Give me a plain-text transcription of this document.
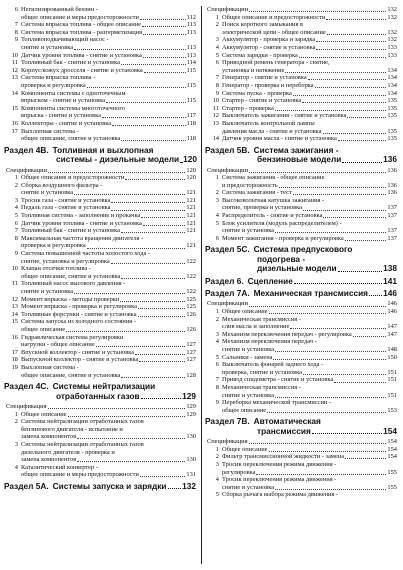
6 Негилизированный бензин -
общее описание и меры предосторожности	112
7 Система впрыска топлива - общее описание	113
8 Система впрыска топлива - разгерметизация	113
9 Топливоподкачивающий насос -
снятие и установка	113
10 Датчик уровня топлива - снятие и установка	113
11 Топливный бак - снятие и установка	114
12 Корпус/кожух дросселя - снятие и установка	115
13 Система впрыска топлива -
проверка и регулировка	115
14 Компоненты системы с одноточечным
впрыском - снятие и установка	115
15 Компоненты системы многоточечного
впрыска - снятие и установка	117
16 Коллекторы - снятие и установка	118
17 Выхлопная система -
общее описание, снятие и установка	118
Раздел 4В. Топливная и выхлопная
системы - дизельные модели 120
Спецификации	120
1 Общее описание и предосторожности	120
2 Сборка воздушного фильтра -
снятие и установка	121
3 Тросик газа - снятие и установка	121
4 Педаль газа - снятие и установка	121
5 Топливная система - заполнение и прокачка	121
6 Датчик уровня топлива - снятие и установка	121
7 Топливный бак - снятие и установка	121
8 Максимальная частота вращения двигателя -
проверка и регулировка	121
9 Система повышенной частоты холостого хода -
снятие, установка и регулировка	122
10 Клапан отсечки топлива -
общее описание, снятие и установка	122
11 Топливный насос высокого давления -
снятие и установка	122
12 Момент впрыска - методы проверки	125
13 Момент впрыска - проверка и регулировка	125
14 Топливные форсунки - снятие и установка	126
15 Система запуска из холодного состояния -
общее описание	126
16 Гидравлическая система регулировки
нагрузки - общее описание	127
17 Впускной коллектор - снятие и установка	127
18 Выпускной коллектор - снятие и установка	127
19 Выхлопная система -
общее описание, снятие и установка	128
Раздел 4С. Системы нейтрализации
отработанных газов	129
Спецификация	129
1 Общее описание	129
2 Системы нейтрализации отработанных газов
бензинового двигателя - испытание и
замена компонентов	130
3 Системы нейтрализации отработанных газов
дизельного двигателя - проверка и
замена компонентов	130
4 Каталитический конвертер -
общее описание и меры предосторожности	131
Раздел 5А. Системы запуска и зарядки 132
Спецификации	132
1 Общее описание и предосторожности	132
2 Поиск короткого замыкания в
электрической цепи - общее описание	132
3 Аккумулятор - проверка и зарядка	132
4 Аккумулятор - снятие и установка	133
5 Система зарядки - проверка	133
6 Приводной ремень генератора - снятие,
установка и натяжение	134
7 Генератор - снятие и установка	134
8 Генератор - проверка и переборка	134
9 Система пуска - проверка	134
10 Стартер - снятие и установка	135
11 Стартер - проверка	135
12 Выключатель зажигания - снятие и установка	135
13 Выключатель контрольной лампы
давления масла - снятие и установка	135
14 Датчик уровня масла - снятие и установка	135
Раздел 5В. Система зажигания -
бензиновые модели	136
Спецификации	136
1 Система зажигания - общее описание
и предосторожность	136
2 Система зажигания - тест	136
3 Высоковольтная катушка зажигания -
снятие, проверка и установка	137
4 Распределитель - снятие и установка	137
5 Блок усилителя (модуль распределителем) -
снятие и установка	137
6 Момент зажигания - проверка и регулировка	137
Раздел 5С. Система предпускового
подогрева -
дизельные модели	138
Раздел 6. Сцепление	141
Раздел 7А. Механическая трансмиссия 146
Спецификации	146
1 Общее описание	146
2 Механическая трансмиссия -
слив масла и заполнение	147
3 Механизм переключения передач - регулировка	147
4 Механизм переключения передач -
снятие и установка	148
5 Сальники - замена	150
6 Выключатель фонарей заднего хода -
проверка, снятие и установка	151
7 Привод спидометра - снятие и установка	151
8 Механическая трансмиссия -
снятие и установка	151
9 Переборка механической трансмиссии -
общее описание	153
Раздел 7В. Автоматическая
трансмиссия	154
Спецификация	154
1 Общее описание	154
2 Фильтр трансмиссионной жидкости - замена	154
3 Тросик переключения режима движения -
регулировка	155
4 Тросик переключения режима движения -
снятие и установка	155
5 Сборка рычага выбора режима движения -
